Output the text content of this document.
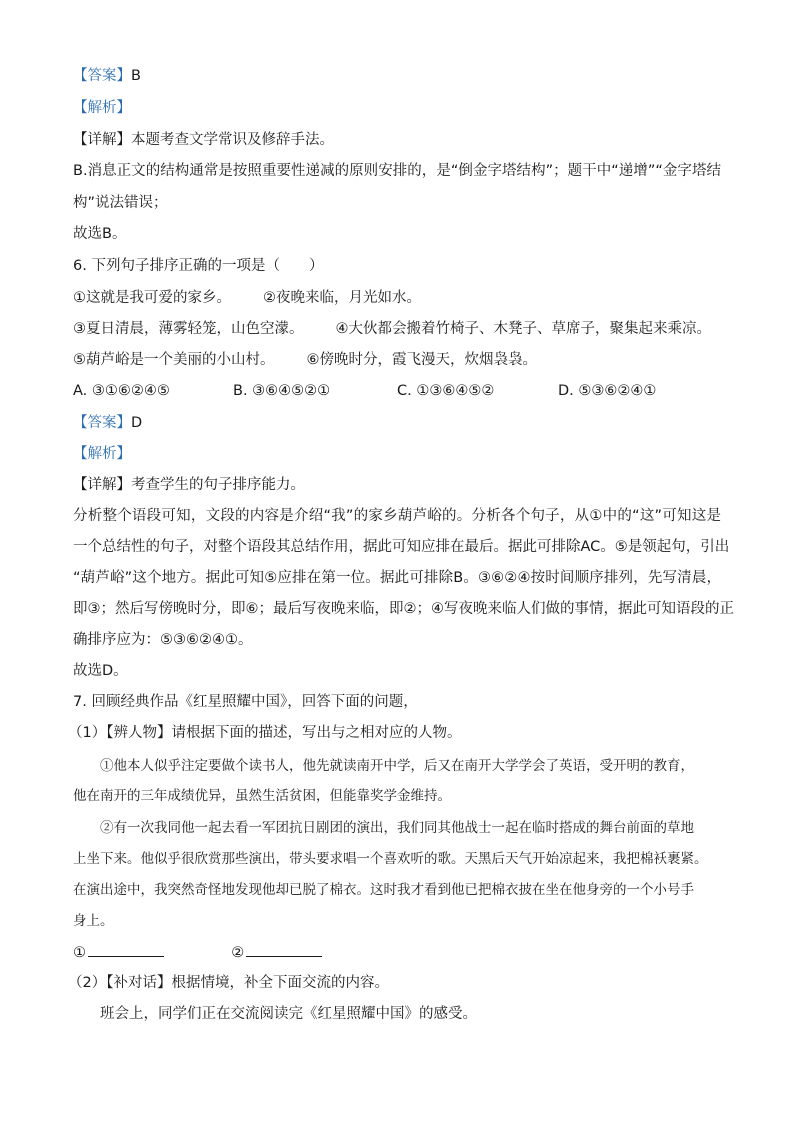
【答案】B
【解析】
【详解】本题考查文学常识及修辞手法。
B.消息正文的结构通常是按照重要性递减的原则安排的，是“倒金字塔结构”；题干中“递增”“金字塔结
构”说法错误；
故选B。
6. 下列句子排序正确的一项是（　　）
①这就是我可爱的家乡。 ②夜晚来临，月光如水。
③夏日清晨，薄雾轻笼，山色空濛。 ④大伙都会搬着竹椅子、木凳子、草席子，聚集起来乘凉。
⑤葫芦峪是一个美丽的小山村。 ⑥傍晚时分，霞飞漫天，炊烟袅袅。
A. ③①⑥②④⑤	B. ③⑥④⑤②①	C. ①③⑥④⑤②	D. ⑤③⑥②④①
【答案】D
【解析】
【详解】考查学生的句子排序能力。
分析整个语段可知，文段的内容是介绍“我”的家乡葫芦峪的。分析各个句子，从①中的“这”可知这是
一个总结性的句子，对整个语段其总结作用，据此可知应排在最后。据此可排除AC。⑤是领起句，引出
“葫芦峪”这个地方。据此可知⑤应排在第一位。据此可排除B。③⑥②④按时间顺序排列，先写清晨，
即③；然后写傍晚时分，即⑥；最后写夜晚来临，即②；④写夜晚来临人们做的事情，据此可知语段的正
确排序应为：⑤③⑥②④①。
故选D。
7. 回顾经典作品《红星照耀中国》，回答下面的问题，
（1）【辨人物】请根据下面的描述，写出与之相对应的人物。
①他本人似乎注定要做个读书人，他先就读南开中学，后又在南开大学学会了英语，受开明的教育，
他在南开的三年成绩优异，虽然生活贫困，但能靠奖学金维持。
②有一次我同他一起去看一军团抗日剧团的演出，我们同其他战士一起在临时搭成的舞台前面的草地
上坐下来。他似乎很欣赏那些演出，带头要求唱一个喜欢听的歌。天黑后天气开始凉起来，我把棉袄裹紧。
在演出途中，我突然奇怪地发现他却已脱了棉衣。这时我才看到他已把棉衣披在坐在他身旁的一个小号手
身上。
①	②
（2）【补对话】根据情境，补全下面交流的内容。
班会上，同学们正在交流阅读完《红星照耀中国》的感受。
